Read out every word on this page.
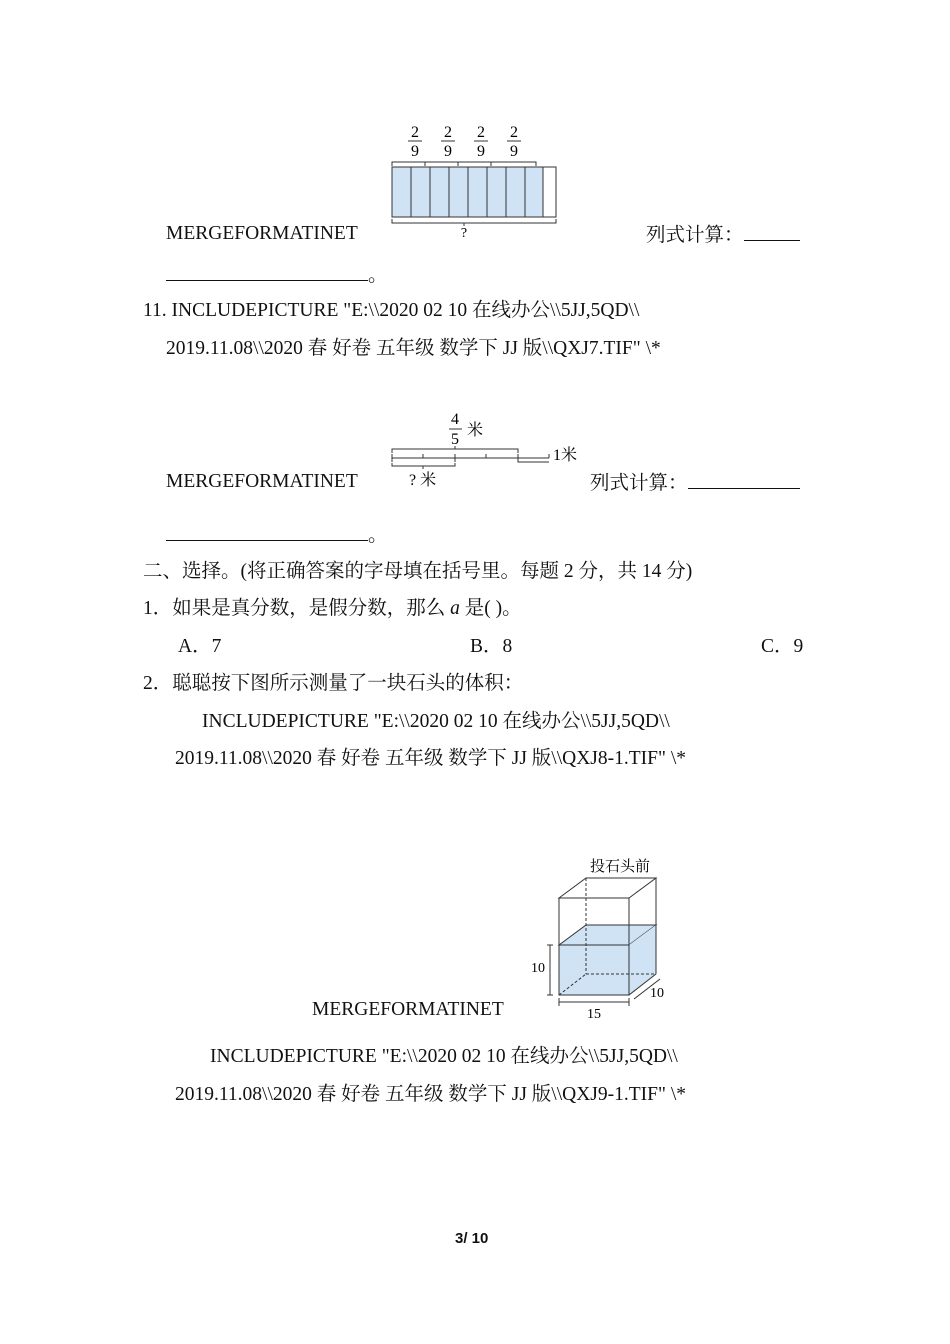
2
9
2
9
2
9
2
9
?
MERGEFORMATINET	列式计算：
。
11. INCLUDEPICTURE "E:\\2020 02 10 在线办公\\5JJ,5QD\\
2019.11.08\\2020 春 好卷 五年级 数学下 JJ 版\\QXJ7.TIF" \*
4
5
米
1米
? 米
MERGEFORMATINET	列式计算：
。
二、选择。(将正确答案的字母填在括号里。每题 2 分，共 14 分)
1．如果是真分数，是假分数，那么 a 是( )。
A．7	B．8	C．9
2．聪聪按下图所示测量了一块石头的体积：
INCLUDEPICTURE "E:\\2020 02 10 在线办公\\5JJ,5QD\\
2019.11.08\\2020 春 好卷 五年级 数学下 JJ 版\\QXJ8-1.TIF" \*
投石头前
10
15
10
MERGEFORMATINET
INCLUDEPICTURE "E:\\2020 02 10 在线办公\\5JJ,5QD\\
2019.11.08\\2020 春 好卷 五年级 数学下 JJ 版\\QXJ9-1.TIF" \*
3/ 10
